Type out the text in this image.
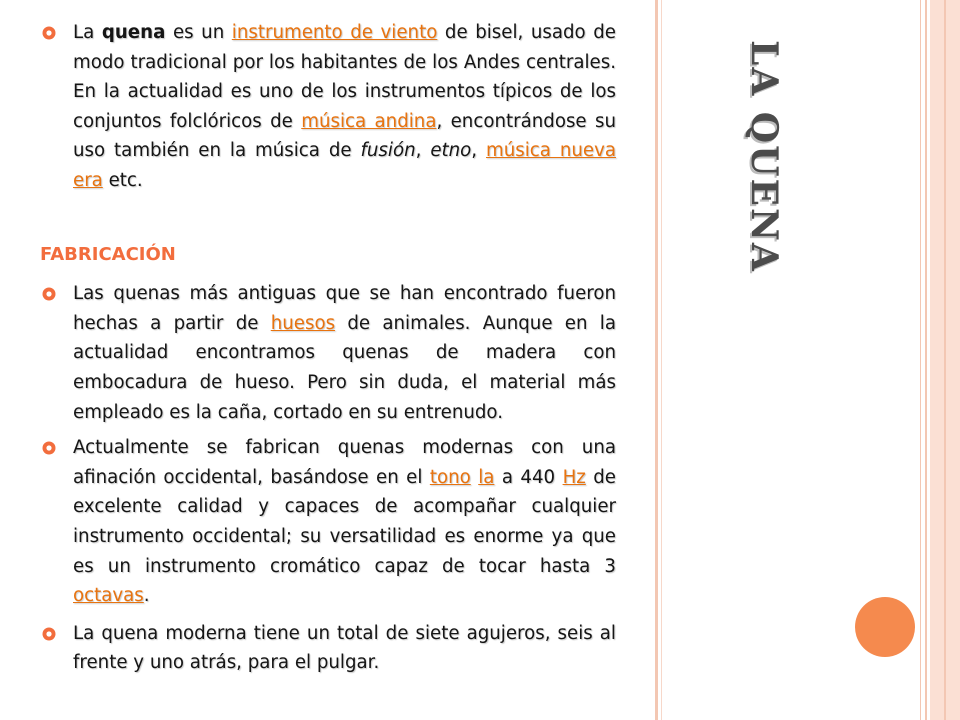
LA QUENA

La quena es un instrumento de viento de bisel, usado de modo tradicional por los habitantes de los Andes centrales. En la actualidad es uno de los instrumentos típicos de los conjuntos folclóricos de música andina, encontrándose su uso también en la música de fusión, etno, música nueva era etc.

FABRICACIÓN

Las quenas más antiguas que se han encontrado fueron hechas a partir de huesos de animales. Aunque en la actualidad encontramos quenas de madera con embocadura de hueso. Pero sin duda, el material más empleado es la caña, cortado en su entrenudo.

Actualmente se fabrican quenas modernas con una afinación occidental, basándose en el tono la a 440 Hz de excelente calidad y capaces de acompañar cualquier instrumento occidental; su versatilidad es enorme ya que es un instrumento cromático capaz de tocar hasta 3 octavas.

La quena moderna tiene un total de siete agujeros, seis al frente y uno atrás, para el pulgar.
